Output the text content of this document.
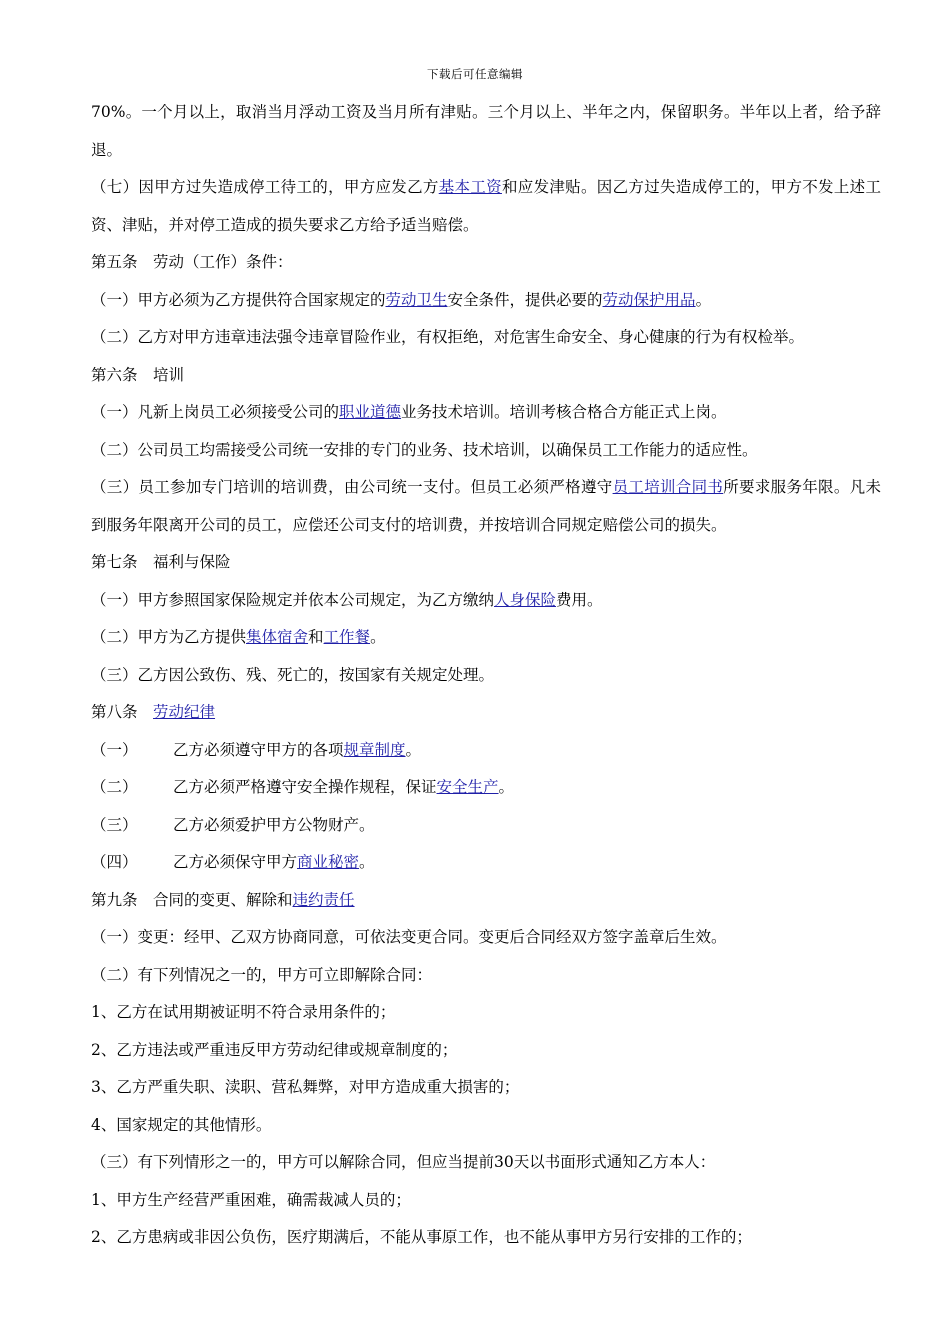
下载后可任意编辑

70%。一个月以上，取消当月浮动工资及当月所有津贴。三个月以上、半年之内，保留职务。半年以上者，给予辞退。

（七）因甲方过失造成停工待工的，甲方应发乙方基本工资和应发津贴。因乙方过失造成停工的，甲方不发上述工资、津贴，并对停工造成的损失要求乙方给予适当赔偿。

第五条　劳动（工作）条件：

（一）甲方必须为乙方提供符合国家规定的劳动卫生安全条件，提供必要的劳动保护用品。

（二）乙方对甲方违章违法强令违章冒险作业，有权拒绝，对危害生命安全、身心健康的行为有权检举。

第六条　培训

（一）凡新上岗员工必须接受公司的职业道德业务技术培训。培训考核合格合方能正式上岗。

（二）公司员工均需接受公司统一安排的专门的业务、技术培训，以确保员工工作能力的适应性。

（三）员工参加专门培训的培训费，由公司统一支付。但员工必须严格遵守员工培训合同书所要求服务年限。凡未到服务年限离开公司的员工，应偿还公司支付的培训费，并按培训合同规定赔偿公司的损失。

第七条　福利与保险

（一）甲方参照国家保险规定并依本公司规定，为乙方缴纳人身保险费用。

（二）甲方为乙方提供集体宿舍和工作餐。

（三）乙方因公致伤、残、死亡的，按国家有关规定处理。

第八条　劳动纪律

（一） 乙方必须遵守甲方的各项规章制度。

（二） 乙方必须严格遵守安全操作规程，保证安全生产。

（三） 乙方必须爱护甲方公物财产。

（四） 乙方必须保守甲方商业秘密。

第九条　合同的变更、解除和违约责任

（一）变更：经甲、乙双方协商同意，可依法变更合同。变更后合同经双方签字盖章后生效。

（二）有下列情况之一的，甲方可立即解除合同：

1、乙方在试用期被证明不符合录用条件的；

2、乙方违法或严重违反甲方劳动纪律或规章制度的；

3、乙方严重失职、渎职、营私舞弊，对甲方造成重大损害的；

4、国家规定的其他情形。

（三）有下列情形之一的，甲方可以解除合同，但应当提前30天以书面形式通知乙方本人：

1、甲方生产经营严重困难，确需裁减人员的；

2、乙方患病或非因公负伤，医疗期满后，不能从事原工作，也不能从事甲方另行安排的工作的；
